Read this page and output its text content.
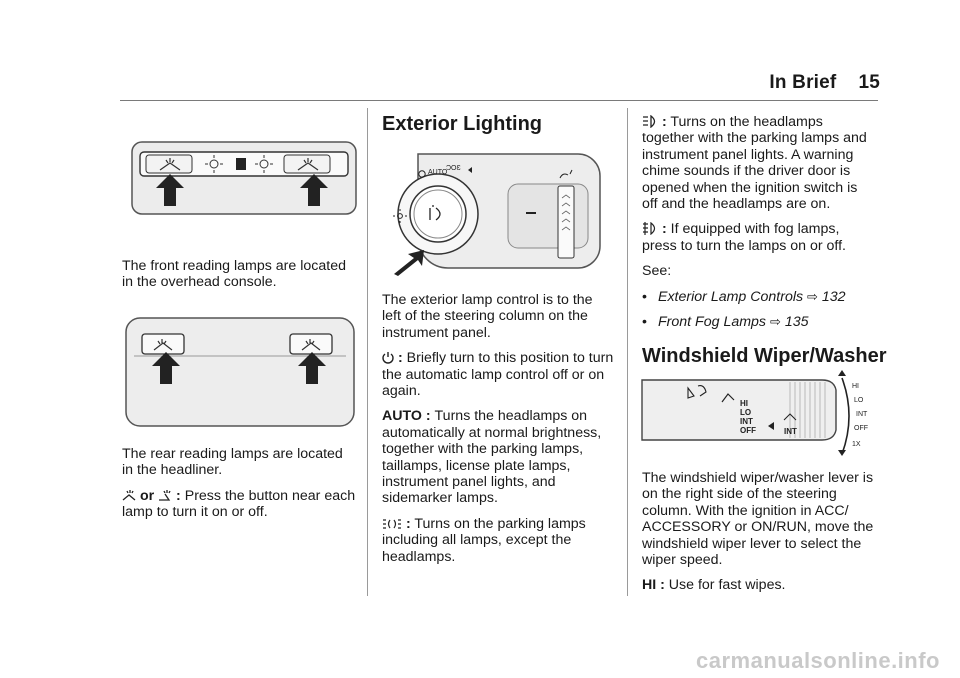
In Brief 15

The front reading lamps are located in the overhead console.

The rear reading lamps are located in the headliner.

or : Press the button near each lamp to turn it on or off.

Exterior Lighting
AUTO
ƆOƐ

The exterior lamp control is to the left of the steering column on the instrument panel.

: Briefly turn to this position to turn the automatic lamp control off or on again.

AUTO : Turns the headlamps on automatically at normal brightness, together with the parking lamps, taillamps, license plate lamps, instrument panel lights, and sidemarker lamps.

: Turns on the parking lamps including all lamps, except the headlamps.

: Turns on the headlamps together with the parking lamps and instrument panel lights. A warning chime sounds if the driver door is opened when the ignition switch is off and the headlamps are on.

: If equipped with fog lamps, press to turn the lamps on or off.

See:

• Exterior Lamp Controls ⇨ 132
• Front Fog Lamps ⇨ 135
Windshield Wiper/Washer
HI
LO
INT
OFF	INT
HI
LO
INT
OFF
1X

The windshield wiper/washer lever is on the right side of the steering column. With the ignition in ACC/ ACCESSORY or ON/RUN, move the windshield wiper lever to select the wiper speed.

HI : Use for fast wipes.

carmanualsonline.info
